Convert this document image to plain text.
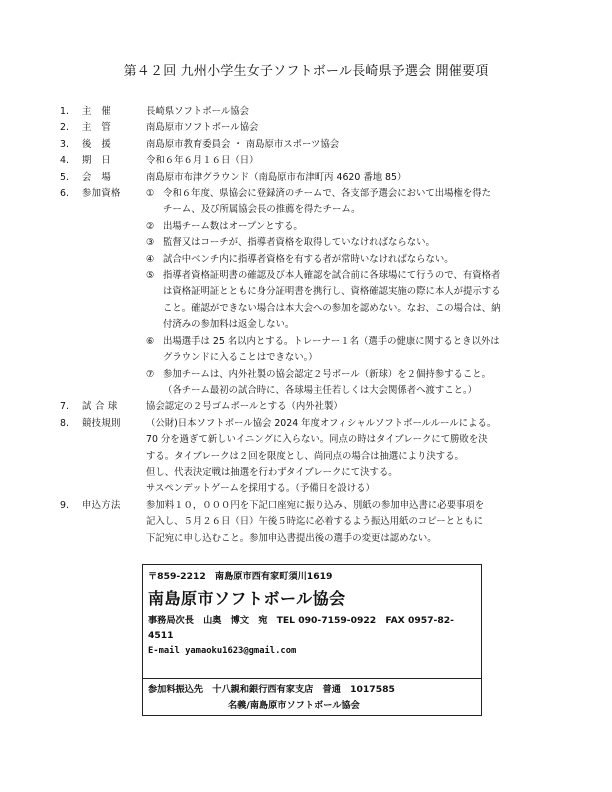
第４２回 九州小学生女子ソフトボール長崎県予選会 開催要項
1.	主　催	長崎県ソフトボール協会
2.	主　管	南島原市ソフトボール協会
3.	後　援	南島原市教育委員会 ・ 南島原市スポーツ協会
4.	期　日	令和６年６月１６日（日）
5.	会　場	南島原市布津グラウンド（南島原市布津町丙 4620 番地 85）
6.	参加資格	① 令和６年度、県協会に登録済のチームで、各支部予選会において出場権を得た
チーム、及び所属協会長の推薦を得たチーム。
② 出場チーム数はオープンとする。
③ 監督又はコーチが、指導者資格を取得していなければならない。
④ 試合中ベンチ内に指導者資格を有する者が常時いなければならない。
⑤ 指導者資格証明書の確認及び本人確認を試合前に各球場にて行うので、有資格者
は資格証明証とともに身分証明書を携行し、資格確認実施の際に本人が提示する
こと。確認ができない場合は本大会への参加を認めない。なお、この場合は、納
付済みの参加料は返金しない。
⑥ 出場選手は 25 名以内とする。トレーナー１名（選手の健康に関するとき以外は
グラウンドに入ることはできない。）
⑦ 参加チームは、内外社製の協会認定２号ボール（新球）を２個持参すること。
（各チーム最初の試合時に、各球場主任若しくは大会関係者へ渡すこと。）
7.	試 合 球	協会認定の２号ゴムボールとする（内外社製）
8.	競技規則	（公財)日本ソフトボール協会 2024 年度オフィシャルソフトボールルールによる。
70 分を過ぎて新しいイニングに入らない。同点の時はタイブレークにて勝敗を決
する。タイブレークは２回を限度とし、尚同点の場合は抽選により決する。
但し、代表決定戦は抽選を行わずタイブレークにて決する。
サスペンデットゲームを採用する。（予備日を設ける）
9.	申込方法	参加料１０，０００円を下記口座宛に振り込み、別紙の参加申込書に必要事項を
記入し、５月２６日（日）午後５時迄に必着するよう振込用紙のコピーとともに
下記宛に申し込むこと。参加申込書提出後の選手の変更は認めない。
〒859-2212　南島原市西有家町須川1619
南島原市ソフトボール協会
事務局次長　山奥　博文　宛　TEL 090-7159-0922　FAX 0957-82-4511
E-mail yamaoku1623@gmail.com
参加料振込先　十八親和銀行西有家支店　普通　1017585
名義/南島原市ソフトボール協会
